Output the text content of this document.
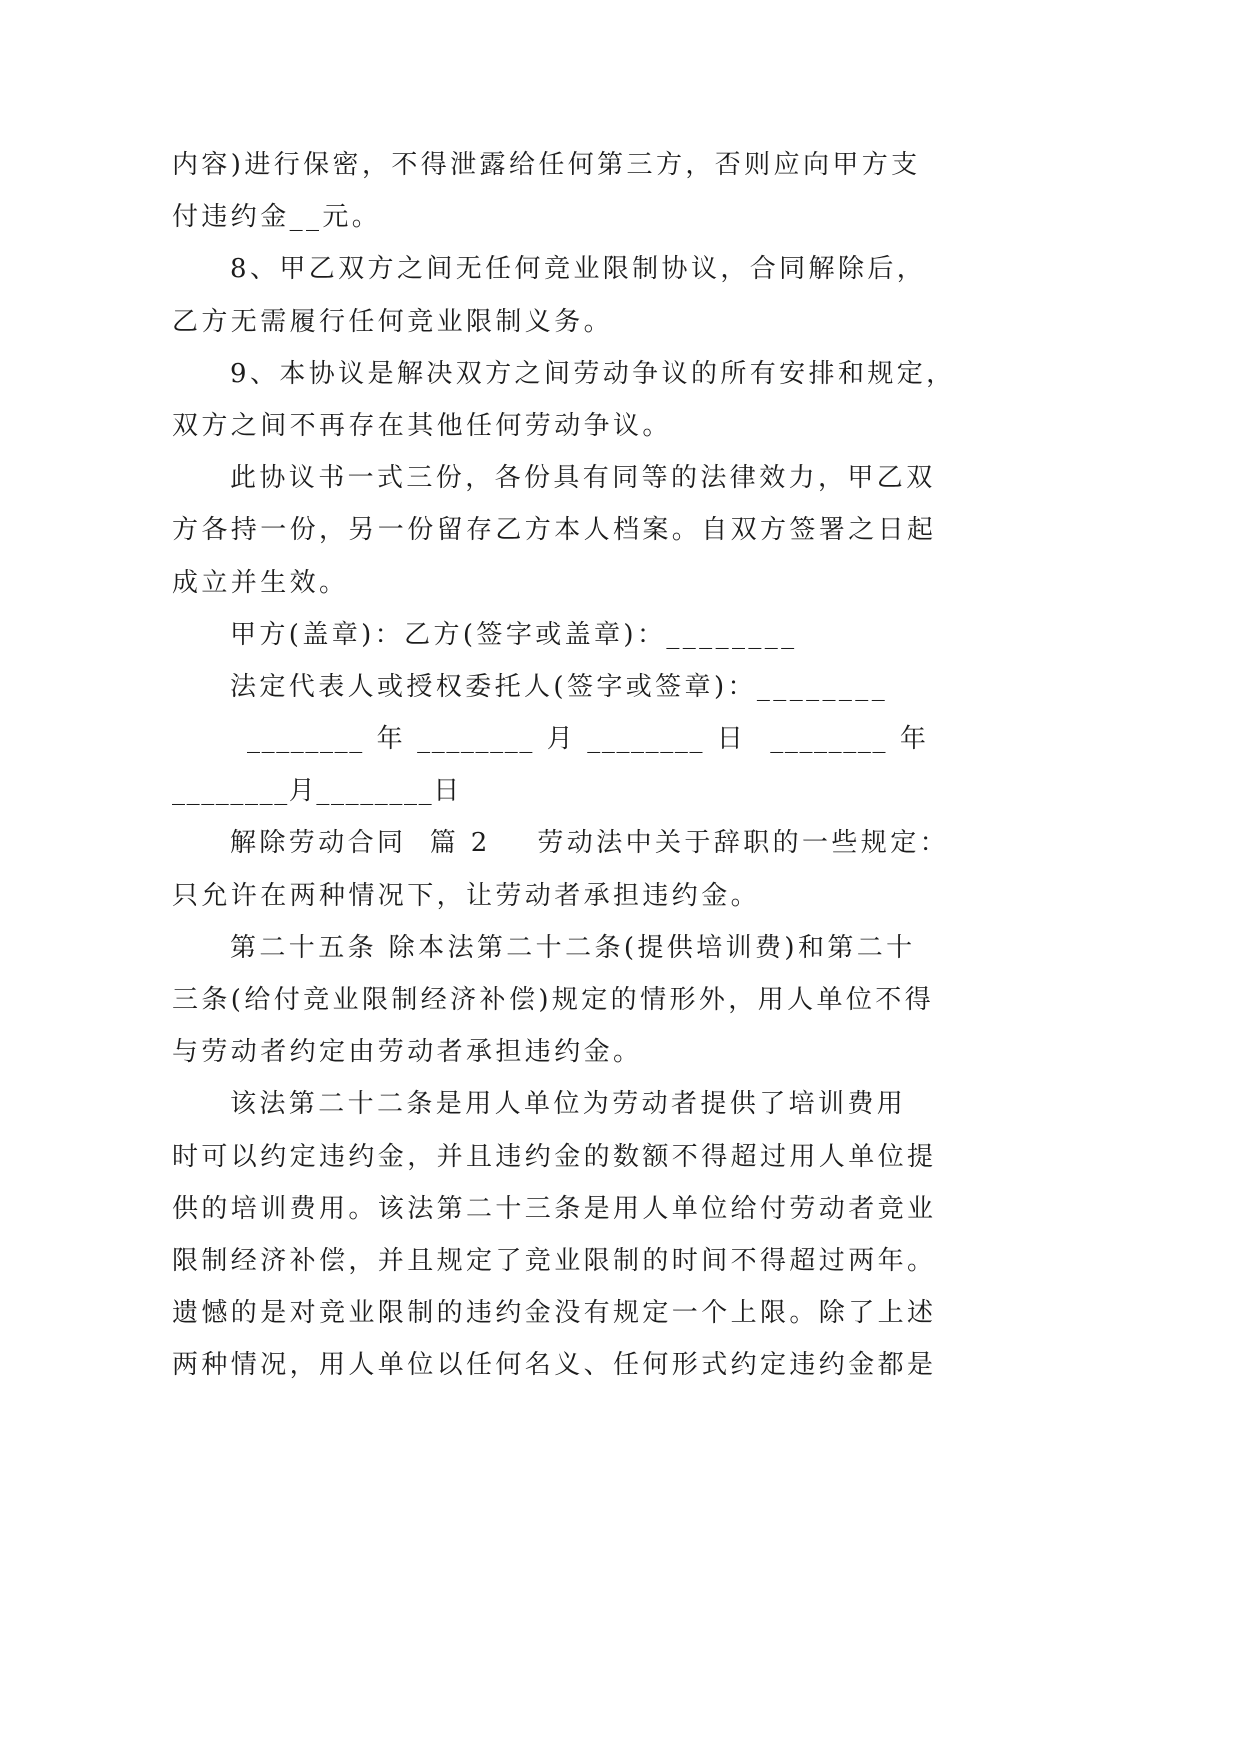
内容)进行保密，不得泄露给任何第三方，否则应向甲方支
付违约金__元。
8、甲乙双方之间无任何竞业限制协议，合同解除后，
乙方无需履行任何竞业限制义务。
9、本协议是解决双方之间劳动争议的所有安排和规定，
双方之间不再存在其他任何劳动争议。
此协议书一式三份，各份具有同等的法律效力，甲乙双
方各持一份，另一份留存乙方本人档案。自双方签署之日起
成立并生效。
甲方(盖章)：乙方(签字或盖章)：________
法定代表人或授权委托人(签字或签章)：________
________ 年 ________ 月 ________ 日  ________ 年
________月________日
解除劳动合同  篇 2    劳动法中关于辞职的一些规定：
只允许在两种情况下，让劳动者承担违约金。
第二十五条 除本法第二十二条(提供培训费)和第二十
三条(给付竞业限制经济补偿)规定的情形外，用人单位不得
与劳动者约定由劳动者承担违约金。
该法第二十二条是用人单位为劳动者提供了培训费用
时可以约定违约金，并且违约金的数额不得超过用人单位提
供的培训费用。该法第二十三条是用人单位给付劳动者竞业
限制经济补偿，并且规定了竞业限制的时间不得超过两年。
遗憾的是对竞业限制的违约金没有规定一个上限。除了上述
两种情况，用人单位以任何名义、任何形式约定违约金都是
